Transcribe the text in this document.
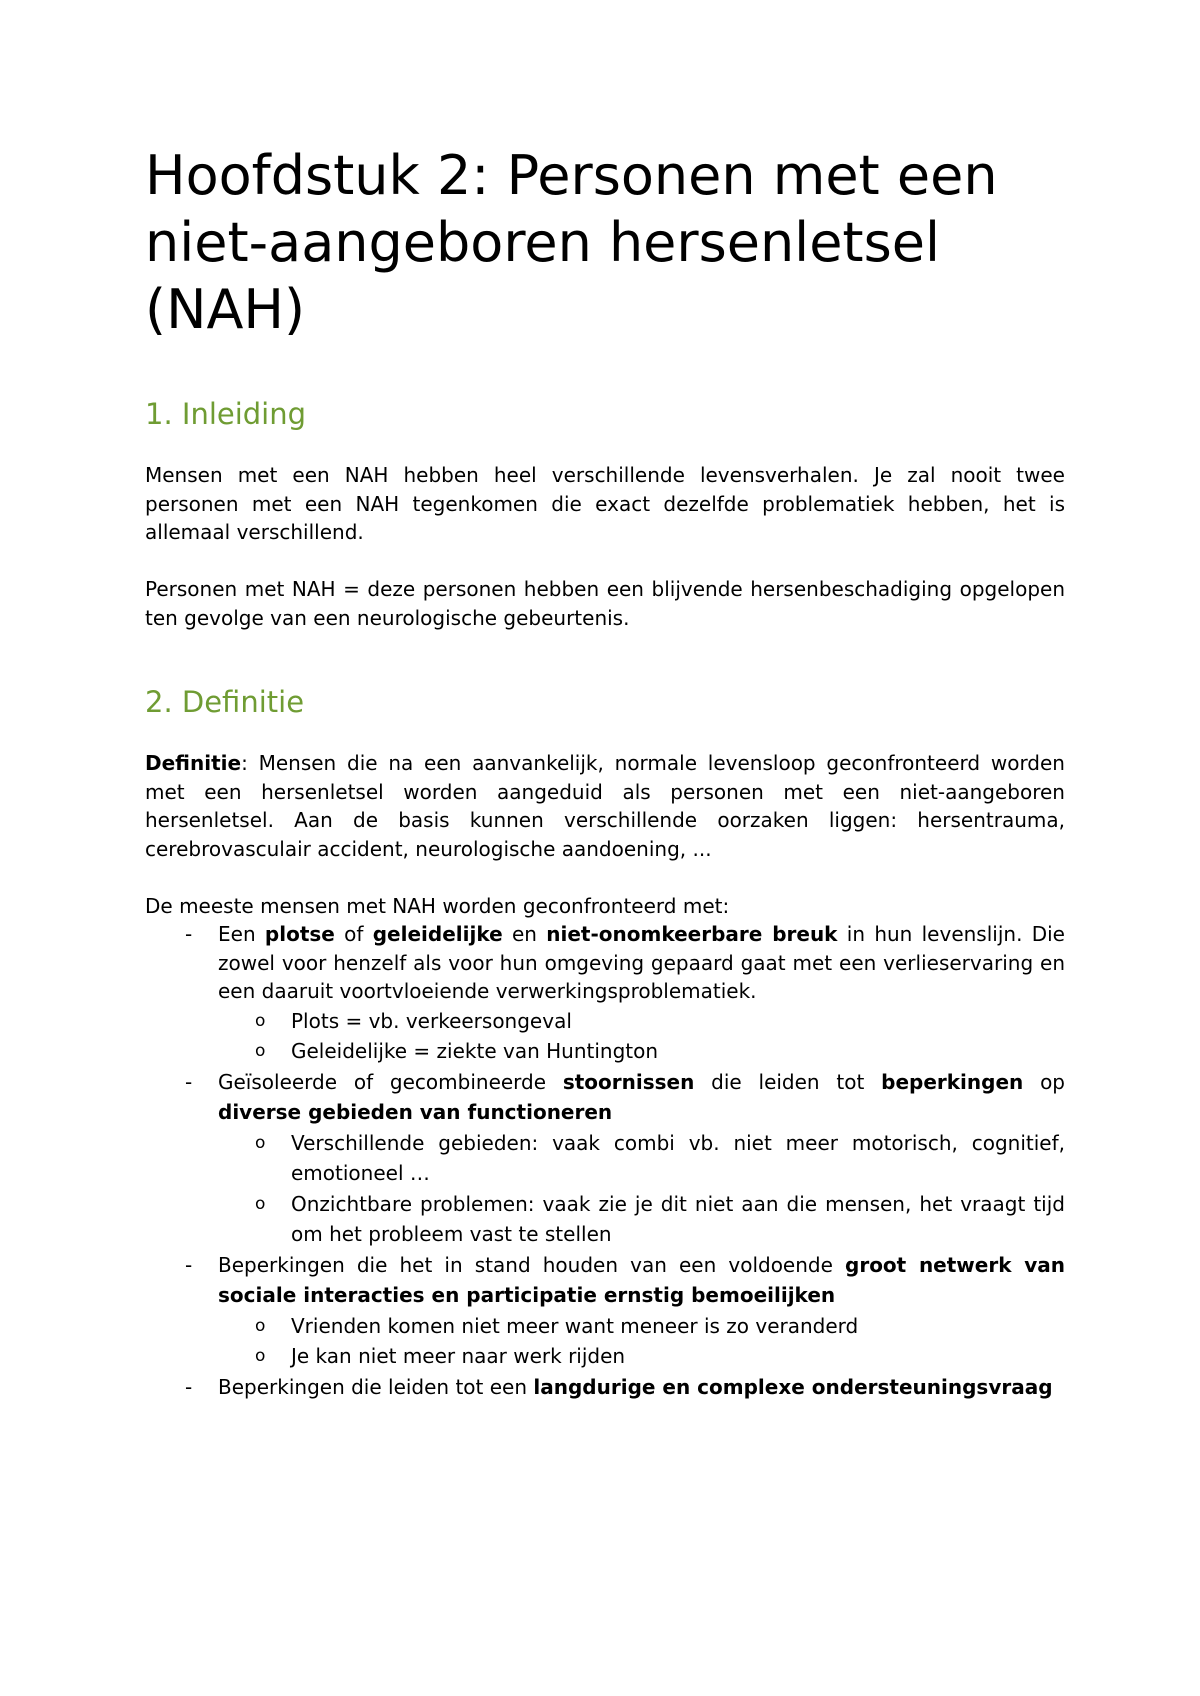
Hoofdstuk 2: Personen met een niet-aangeboren hersenletsel (NAH)
1. Inleiding

Mensen met een NAH hebben heel verschillende levensverhalen. Je zal nooit twee personen met een NAH tegenkomen die exact dezelfde problematiek hebben, het is allemaal verschillend.

Personen met NAH = deze personen hebben een blijvende hersenbeschadiging opgelopen ten gevolge van een neurologische gebeurtenis.

2. Definitie

Definitie: Mensen die na een aanvankelijk, normale levensloop geconfronteerd worden met een hersenletsel worden aangeduid als personen met een niet-aangeboren hersenletsel. Aan de basis kunnen verschillende oorzaken liggen: hersentrauma, cerebrovasculair accident, neurologische aandoening, ...

De meeste mensen met NAH worden geconfronteerd met:

- Een plotse of geleidelijke en niet-onomkeerbare breuk in hun levenslijn. Die zowel voor henzelf als voor hun omgeving gepaard gaat met een verlieservaring en een daaruit voortvloeiende verwerkingsproblematiek.
o Plots = vb. verkeersongeval
o Geleidelijke = ziekte van Huntington
- Geïsoleerde of gecombineerde stoornissen die leiden tot beperkingen op diverse gebieden van functioneren
o Verschillende gebieden: vaak combi vb. niet meer motorisch, cognitief, emotioneel …
o Onzichtbare problemen: vaak zie je dit niet aan die mensen, het vraagt tijd om het probleem vast te stellen
- Beperkingen die het in stand houden van een voldoende groot netwerk van sociale interacties en participatie ernstig bemoeilijken
o Vrienden komen niet meer want meneer is zo veranderd
o Je kan niet meer naar werk rijden
- Beperkingen die leiden tot een langdurige en complexe ondersteuningsvraag
